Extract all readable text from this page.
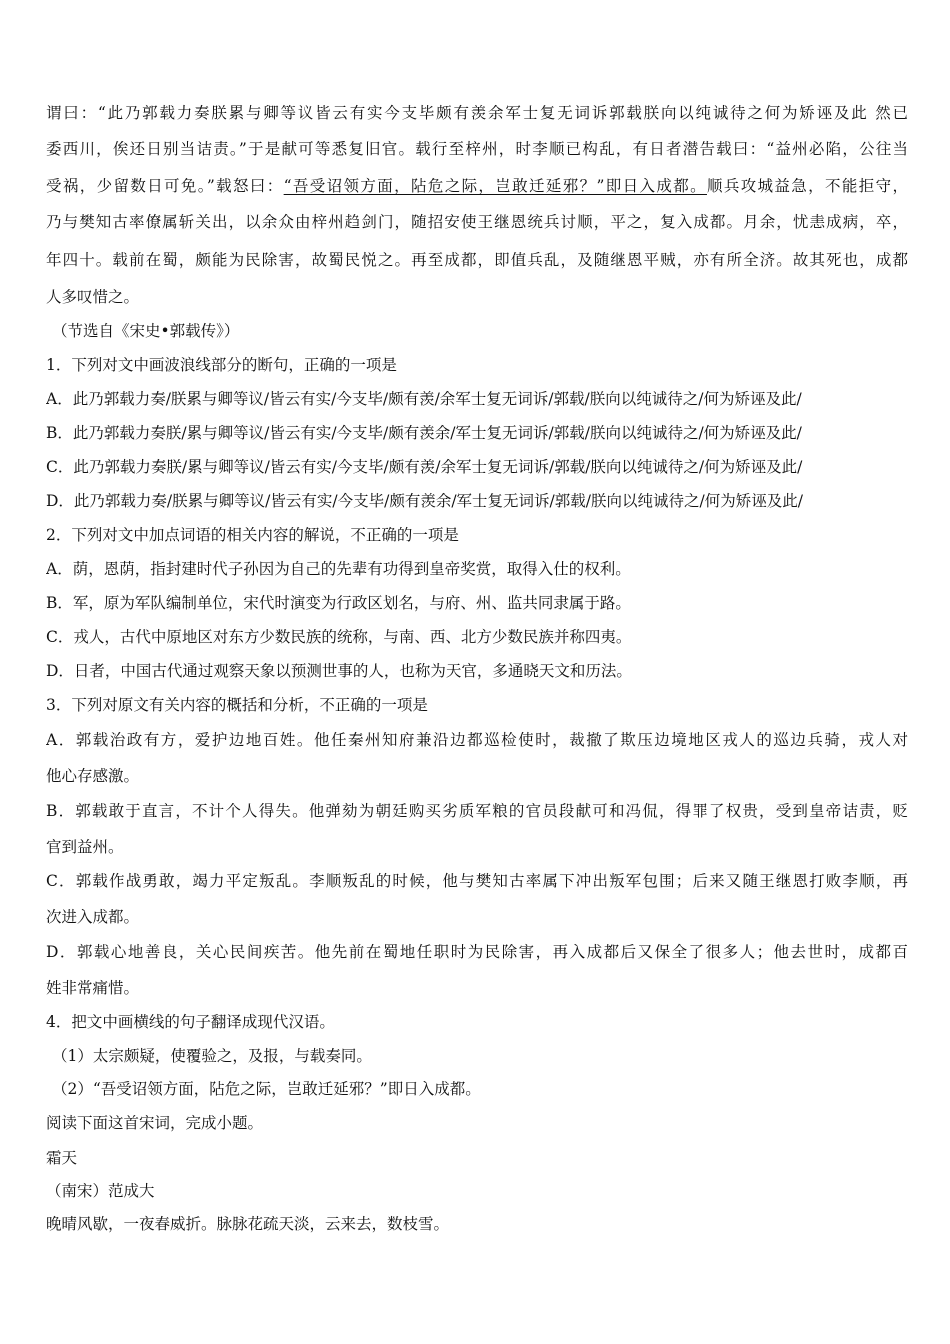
谓曰：“此乃郭载力奏朕累与卿等议皆云有实今支毕颇有羡余军士复无词诉郭载朕向以纯诚待之何为矫诬及此 然已
委西川，俟还日别当诘责。”于是献可等悉复旧官。载行至梓州，时李顺已构乱，有日者潜告载曰：“益州必陷，公往当
受祸，少留数日可免。”载怒曰：“吾受诏领方面，阽危之际，岂敢迁延邪？”即日入成都。顺兵攻城益急，不能拒守，
乃与樊知古率僚属斩关出，以余众由梓州趋剑门，随招安使王继恩统兵讨顺，平之，复入成都。月余，忧恚成病，卒，
年四十。载前在蜀，颇能为民除害，故蜀民悦之。再至成都，即值兵乱，及随继恩平贼，亦有所全济。故其死也，成都
人多叹惜之。
（节选自《宋史•郭载传》）
1．下列对文中画波浪线部分的断句，正确的一项是
A．此乃郭载力奏/朕累与卿等议/皆云有实/今支毕/颇有羡/余军士复无词诉/郭载/朕向以纯诚待之/何为矫诬及此/
B．此乃郭载力奏朕/累与卿等议/皆云有实/今支毕/颇有羡余/军士复无词诉/郭载/朕向以纯诚待之/何为矫诬及此/
C．此乃郭载力奏朕/累与卿等议/皆云有实/今支毕/颇有羡/余军士复无词诉/郭载/朕向以纯诚待之/何为矫诬及此/
D．此乃郭载力奏/朕累与卿等议/皆云有实/今支毕/颇有羡余/军士复无词诉/郭载/朕向以纯诚待之/何为矫诬及此/
2．下列对文中加点词语的相关内容的解说，不正确的一项是
A．荫，恩荫，指封建时代子孙因为自己的先辈有功得到皇帝奖赏，取得入仕的权利。
B．军，原为军队编制单位，宋代时演变为行政区划名，与府、州、监共同隶属于路。
C．戎人，古代中原地区对东方少数民族的统称，与南、西、北方少数民族并称四夷。
D．日者，中国古代通过观察天象以预测世事的人，也称为天官，多通晓天文和历法。
3．下列对原文有关内容的概括和分析，不正确的一项是
A．郭载治政有方，爱护边地百姓。他任秦州知府兼沿边都巡检使时，裁撤了欺压边境地区戎人的巡边兵骑，戎人对
他心存感激。
B．郭载敢于直言，不计个人得失。他弹劾为朝廷购买劣质军粮的官员段献可和冯侃，得罪了权贵，受到皇帝诘责，贬
官到益州。
C．郭载作战勇敢，竭力平定叛乱。李顺叛乱的时候，他与樊知古率属下冲出叛军包围；后来又随王继恩打败李顺，再
次进入成都。
D．郭载心地善良，关心民间疾苦。他先前在蜀地任职时为民除害，再入成都后又保全了很多人；他去世时，成都百
姓非常痛惜。
4．把文中画横线的句子翻译成现代汉语。
（1）太宗颇疑，使覆验之，及报，与载奏同。
（2）“吾受诏领方面，阽危之际，岂敢迁延邪？”即日入成都。
阅读下面这首宋词，完成小题。
霜天
（南宋）范成大
晚晴风歇，一夜春威折。脉脉花疏天淡，云来去，数枝雪。
